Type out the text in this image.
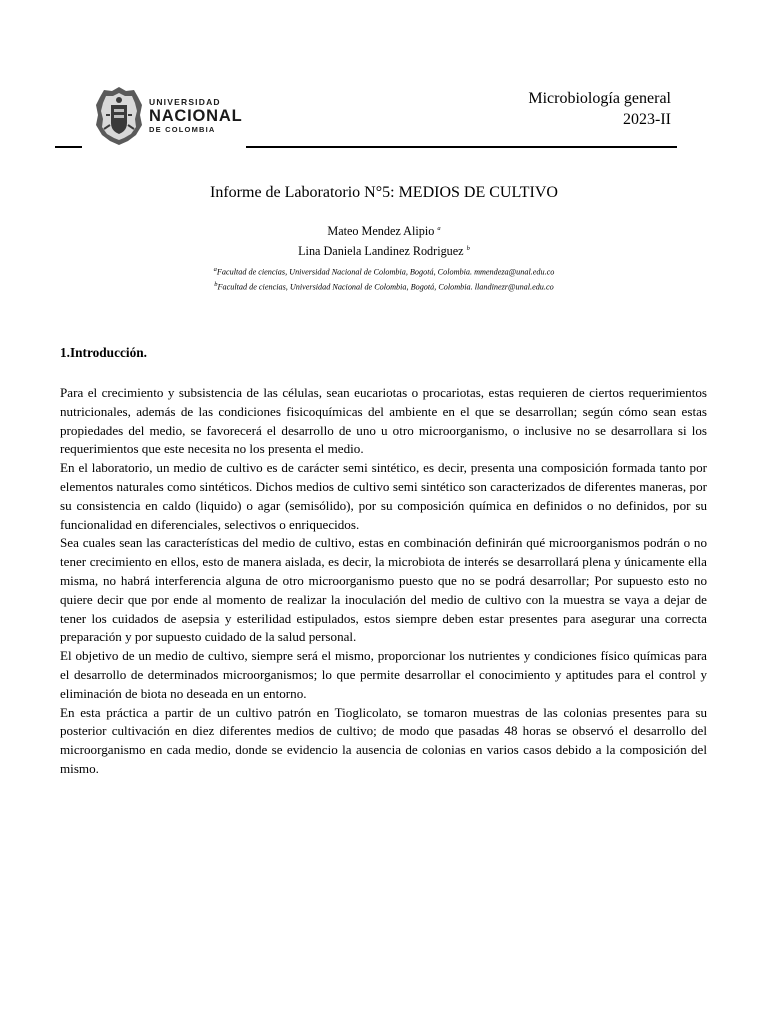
UNIVERSIDAD
NACIONAL
DE COLOMBIA
Microbiología general
2023-II
Informe de Laboratorio N°5: MEDIOS DE CULTIVO
Mateo Mendez Alipio $^a$
Lina Daniela Landinez Rodriguez $^b$
$^a$Facultad de ciencias, Universidad Nacional de Colombia, Bogotá, Colombia. mmendeza@unal.edu.co
$^b$Facultad de ciencias, Universidad Nacional de Colombia, Bogotá, Colombia. llandinezr@unal.edu.co
1.Introducción.

Para el crecimiento y subsistencia de las células, sean eucariotas o procariotas, estas requieren de ciertos requerimientos nutricionales, además de las condiciones fisicoquímicas del ambiente en el que se desarrollan; según cómo sean estas propiedades del medio, se favorecerá el desarrollo de uno u otro microorganismo, o inclusive no se desarrollara si los requerimientos que este necesita no los presenta el medio.

En el laboratorio, un medio de cultivo es de carácter semi sintético, es decir, presenta una composición formada tanto por elementos naturales como sintéticos. Dichos medios de cultivo semi sintético son caracterizados de diferentes maneras, por su consistencia en caldo (liquido) o agar (semisólido), por su composición química en definidos o no definidos, por su funcionalidad en diferenciales, selectivos o enriquecidos.

Sea cuales sean las características del medio de cultivo, estas en combinación definirán qué microorganismos podrán o no tener crecimiento en ellos, esto de manera aislada, es decir, la microbiota de interés se desarrollará plena y únicamente ella misma, no habrá interferencia alguna de otro microorganismo puesto que no se podrá desarrollar; Por supuesto esto no quiere decir que por ende al momento de realizar la inoculación del medio de cultivo con la muestra se vaya a dejar de tener los cuidados de asepsia y esterilidad estipulados, estos siempre deben estar presentes para asegurar una correcta preparación y por supuesto cuidado de la salud personal.

El objetivo de un medio de cultivo, siempre será el mismo, proporcionar los nutrientes y condiciones físico químicas para el desarrollo de determinados microorganismos; lo que permite desarrollar el conocimiento y aptitudes para el control y eliminación de biota no deseada en un entorno.

En esta práctica a partir de un cultivo patrón en Tioglicolato, se tomaron muestras de las colonias presentes para su posterior cultivación en diez diferentes medios de cultivo; de modo que pasadas 48 horas se observó el desarrollo del microorganismo en cada medio, donde se evidencio la ausencia de colonias en varios casos debido a la composición del mismo.
